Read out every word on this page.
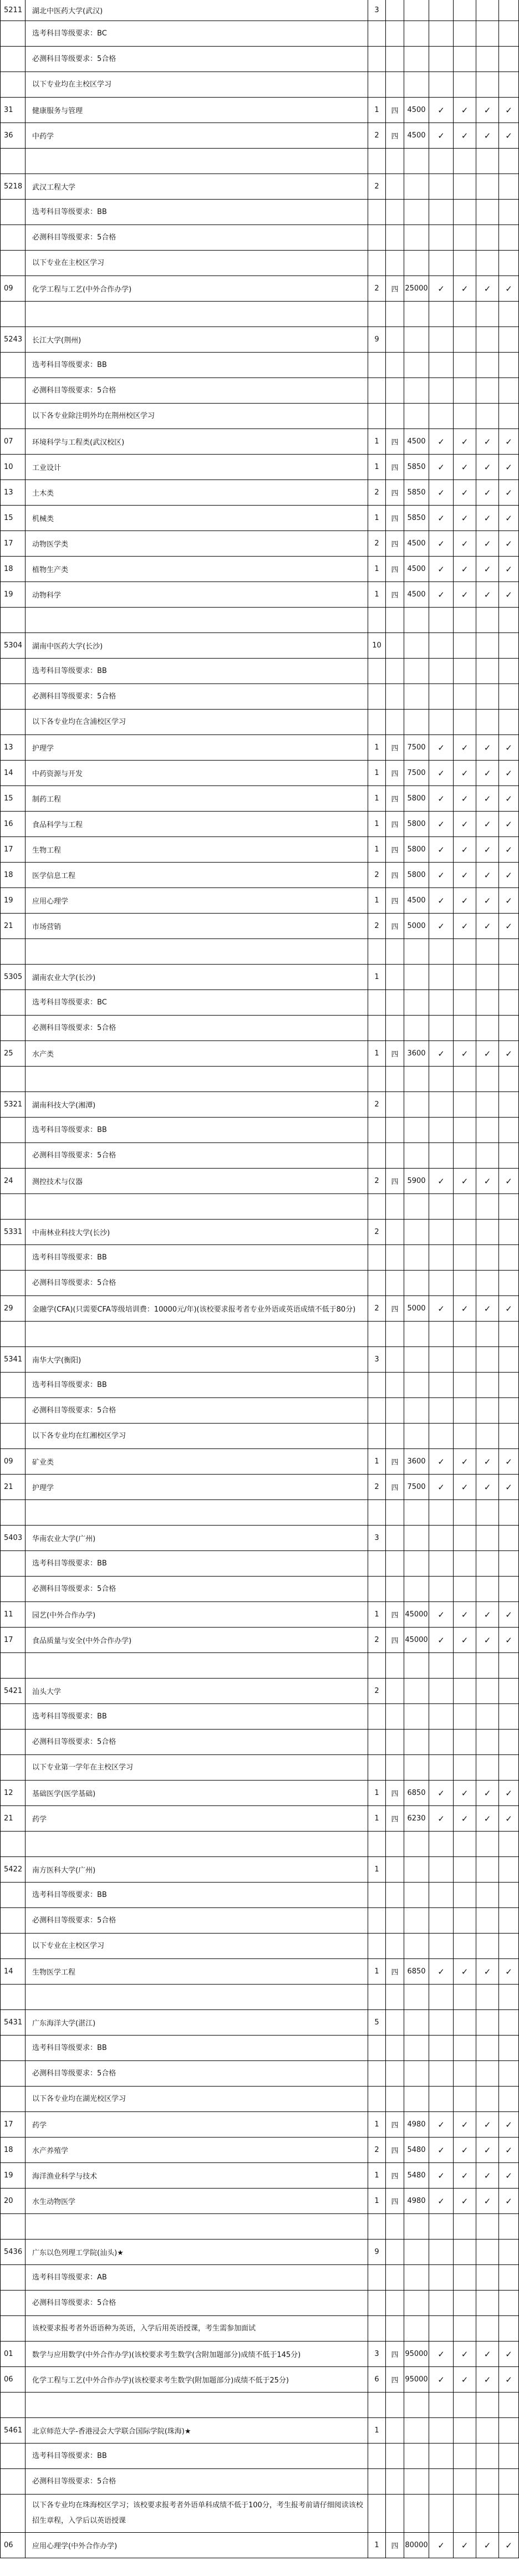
5211	湖北中医药大学(武汉)	3
选考科目等级要求：BC
必测科目等级要求：5合格
以下专业均在主校区学习
31	健康服务与管理	1	四	4500	✓	✓	✓	✓
36	中药学	2	四	4500	✓	✓	✓	✓
5218	武汉工程大学	2
选考科目等级要求：BB
必测科目等级要求：5合格
以下专业在主校区学习
09	化学工程与工艺(中外合作办学)	2	四 25000	✓	✓	✓	✓
5243	长江大学(荆州)	9
选考科目等级要求：BB
必测科目等级要求：5合格
以下各专业除注明外均在荆州校区学习
07	环境科学与工程类(武汉校区)	1	四	4500	✓	✓	✓	✓
10	工业设计	1	四	5850	✓	✓	✓	✓
13	土木类	2	四	5850	✓	✓	✓	✓
15	机械类	1	四	5850	✓	✓	✓	✓
17	动物医学类	2	四	4500	✓	✓	✓	✓
18	植物生产类	1	四	4500	✓	✓	✓	✓
19	动物科学	1	四	4500	✓	✓	✓	✓
5304	湖南中医药大学(长沙)	10
选考科目等级要求：BB
必测科目等级要求：5合格
以下各专业均在含浦校区学习
13	护理学	1	四	7500	✓	✓	✓	✓
14	中药资源与开发	1	四	7500	✓	✓	✓	✓
15	制药工程	1	四	5800	✓	✓	✓	✓
16	食品科学与工程	1	四	5800	✓	✓	✓	✓
17	生物工程	1	四	5800	✓	✓	✓	✓
18	医学信息工程	2	四	5800	✓	✓	✓	✓
19	应用心理学	1	四	4500	✓	✓	✓	✓
21	市场营销	2	四	5000	✓	✓	✓	✓
5305	湖南农业大学(长沙)	1
选考科目等级要求：BC
必测科目等级要求：5合格
25	水产类	1	四	3600	✓	✓	✓	✓
5321	湖南科技大学(湘潭)	2
选考科目等级要求：BB
必测科目等级要求：5合格
24	测控技术与仪器	2	四	5900	✓	✓	✓	✓
5331	中南林业科技大学(长沙)	2
选考科目等级要求：BB
必测科目等级要求：5合格
29	金融学(CFA)(只需要CFA等级培训费：10000元/年)(该校要求报考者专业外语或英语成绩不低于80分)	2	四	5000	✓	✓	✓	✓
5341	南华大学(衡阳)	3
选考科目等级要求：BB
必测科目等级要求：5合格
以下各专业均在红湘校区学习
09	矿业类	1	四	3600	✓	✓	✓	✓
21	护理学	2	四	7500	✓	✓	✓	✓
5403	华南农业大学(广州)	3
选考科目等级要求：BB
必测科目等级要求：5合格
11	园艺(中外合作办学)	1	四 45000	✓	✓	✓	✓
17	食品质量与安全(中外合作办学)	2	四 45000	✓	✓	✓	✓
5421	汕头大学	2
选考科目等级要求：BB
必测科目等级要求：5合格
以下专业第一学年在主校区学习
12	基础医学(医学基础)	1	四	6850	✓	✓	✓	✓
21	药学	1	四	6230	✓	✓	✓	✓
5422	南方医科大学(广州)	1
选考科目等级要求：BB
必测科目等级要求：5合格
以下专业在主校区学习
14	生物医学工程	1	四	6850	✓	✓	✓	✓
5431	广东海洋大学(湛江)	5
选考科目等级要求：BB
必测科目等级要求：5合格
以下各专业均在湖光校区学习
17	药学	1	四	4980	✓	✓	✓	✓
18	水产养殖学	2	四	5480	✓	✓	✓	✓
19	海洋渔业科学与技术	1	四	5480	✓	✓	✓	✓
20	水生动物医学	1	四	4980	✓	✓	✓	✓
5436	广东以色列理工学院(汕头)★	9
选考科目等级要求：AB
必测科目等级要求：5合格
该校要求报考者外语语种为英语，入学后用英语授课，考生需参加面试
01	数学与应用数学(中外合作办学)(该校要求考生数学(含附加题部分)成绩不低于145分)	3	四 95000	✓	✓	✓	✓
06	化学工程与工艺(中外合作办学)(该校要求考生数学(附加题部分)成绩不低于25分)	6	四 95000	✓	✓	✓	✓
5461	北京师范大学-香港浸会大学联合国际学院(珠海)★	1
选考科目等级要求：BB
必测科目等级要求：5合格
以下各专业均在珠海校区学习；该校要求报考者外语单科成绩不低于100分，考生报考前请仔细阅读该校招生章程，入学后以英语授课
06	应用心理学(中外合作办学)	1	四 80000	✓	✓	✓	✓
